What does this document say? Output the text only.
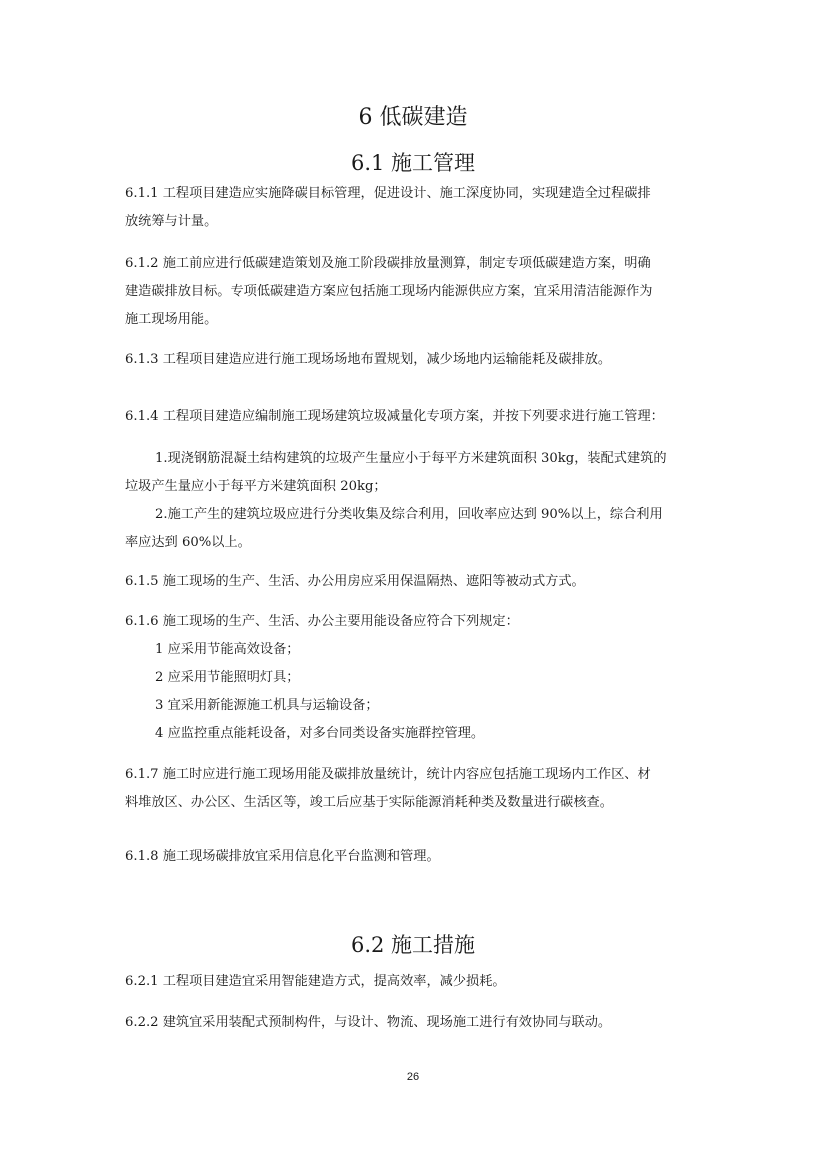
6 低碳建造
6.1 施工管理
6.1.1 工程项目建造应实施降碳目标管理，促进设计、施工深度协同，实现建造全过程碳排
放统筹与计量。
6.1.2 施工前应进行低碳建造策划及施工阶段碳排放量测算，制定专项低碳建造方案，明确
建造碳排放目标。专项低碳建造方案应包括施工现场内能源供应方案，宜采用清洁能源作为
施工现场用能。
6.1.3 工程项目建造应进行施工现场场地布置规划，减少场地内运输能耗及碳排放。
6.1.4 工程项目建造应编制施工现场建筑垃圾减量化专项方案，并按下列要求进行施工管理：
1.现浇钢筋混凝土结构建筑的垃圾产生量应小于每平方米建筑面积 30kg，装配式建筑的
垃圾产生量应小于每平方米建筑面积 20kg；
2.施工产生的建筑垃圾应进行分类收集及综合利用，回收率应达到 90%以上，综合利用
率应达到 60%以上。
6.1.5 施工现场的生产、生活、办公用房应采用保温隔热、遮阳等被动式方式。
6.1.6 施工现场的生产、生活、办公主要用能设备应符合下列规定：
1 应采用节能高效设备；
2 应采用节能照明灯具；
3 宜采用新能源施工机具与运输设备；
4 应监控重点能耗设备，对多台同类设备实施群控管理。
6.1.7 施工时应进行施工现场用能及碳排放量统计，统计内容应包括施工现场内工作区、材
料堆放区、办公区、生活区等，竣工后应基于实际能源消耗种类及数量进行碳核查。
6.1.8 施工现场碳排放宜采用信息化平台监测和管理。
6.2 施工措施
6.2.1 工程项目建造宜采用智能建造方式，提高效率，减少损耗。
6.2.2 建筑宜采用装配式预制构件，与设计、物流、现场施工进行有效协同与联动。
26
